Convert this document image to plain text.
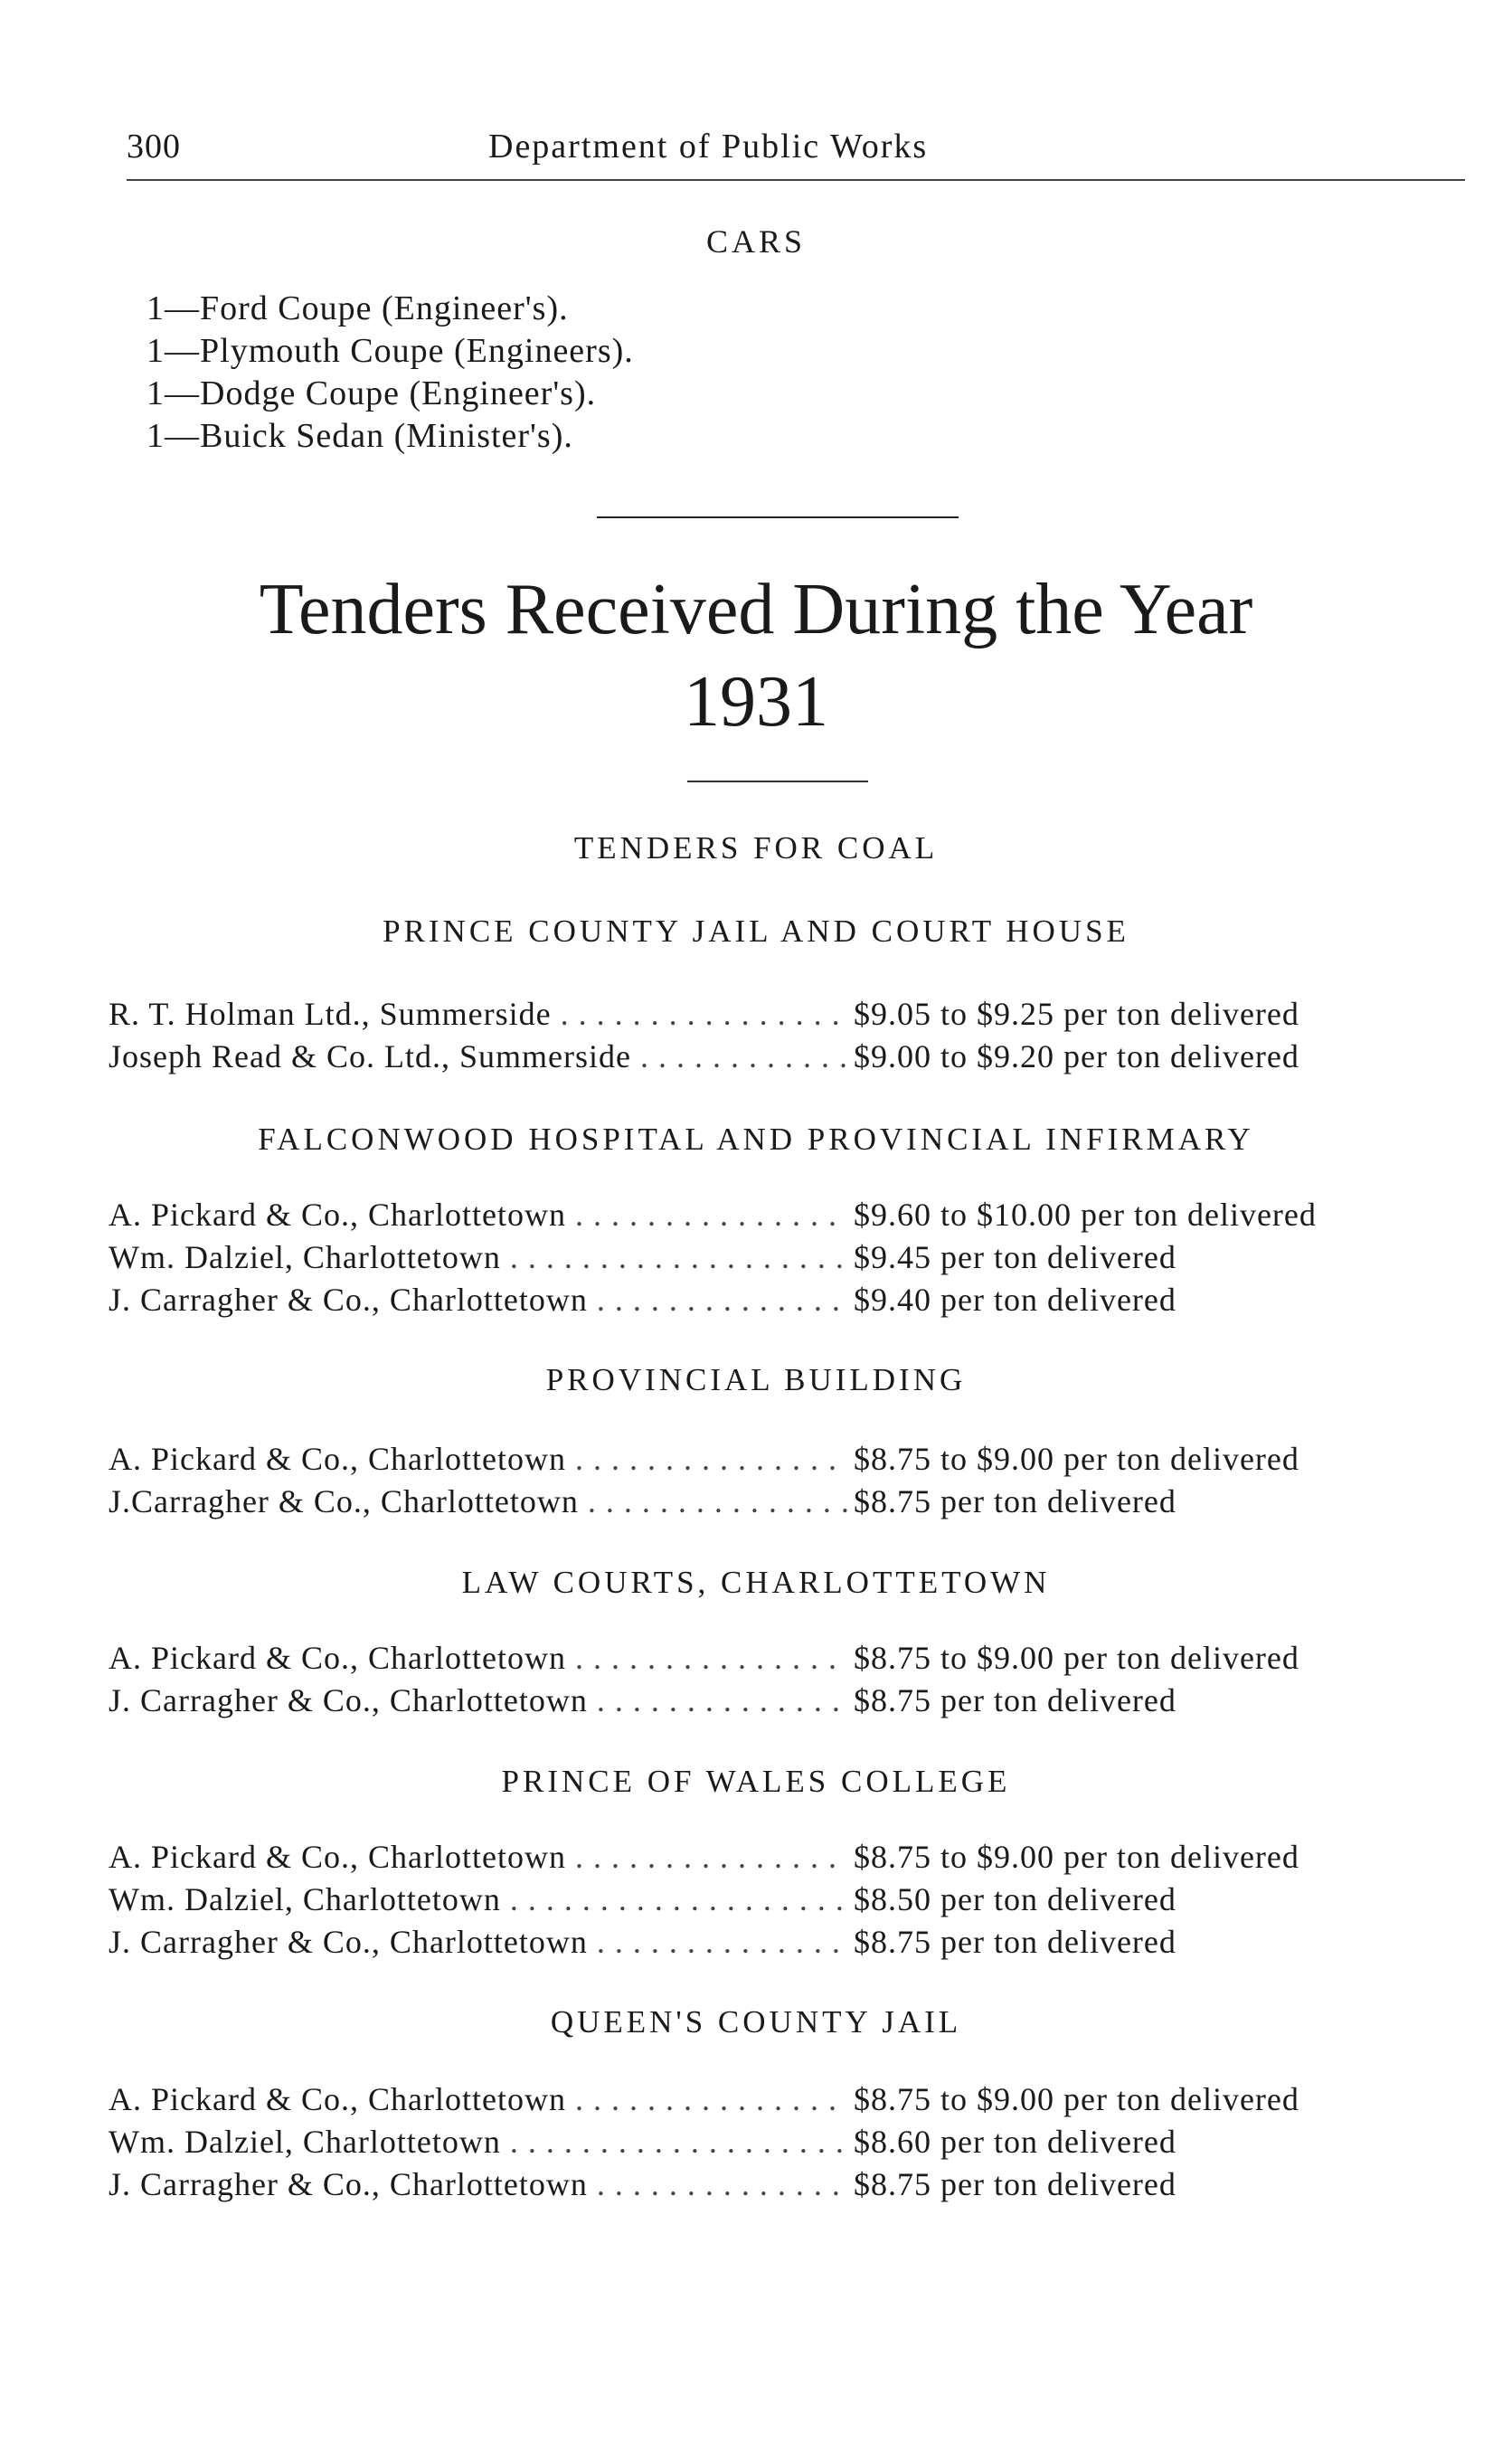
300	Department of Public Works
CARS
1—Ford Coupe (Engineer's).
1—Plymouth Coupe (Engineers).
1—Dodge Coupe (Engineer's).
1—Buick Sedan (Minister's).
Tenders Received During the Year
1931
TENDERS FOR COAL
PRINCE COUNTY JAIL AND COURT HOUSE
R. T. Holman Ltd., Summerside . . .	$9.05 to $9.25 per ton delivered
Joseph Read & Co. Ltd., Summerside . . .	$9.00 to $9.20 per ton delivered
FALCONWOOD HOSPITAL AND PROVINCIAL INFIRMARY
A. Pickard & Co., Charlottetown . . .	$9.60 to $10.00 per ton delivered
Wm. Dalziel, Charlottetown . . .	$9.45 per ton delivered
J. Carragher & Co., Charlottetown . . .	$9.40 per ton delivered
PROVINCIAL BUILDING
A. Pickard & Co., Charlottetown . . .	$8.75 to $9.00 per ton delivered
J.Carragher & Co., Charlottetown . . .	$8.75 per ton delivered
LAW COURTS, CHARLOTTETOWN
A. Pickard & Co., Charlottetown . . .	$8.75 to $9.00 per ton delivered
J. Carragher & Co., Charlottetown . . .	$8.75 per ton delivered
PRINCE OF WALES COLLEGE
A. Pickard & Co., Charlottetown . . .	$8.75 to $9.00 per ton delivered
Wm. Dalziel, Charlottetown . . .	$8.50 per ton delivered
J. Carragher & Co., Charlottetown . . .	$8.75 per ton delivered
QUEEN'S COUNTY JAIL
A. Pickard & Co., Charlottetown . . .	$8.75 to $9.00 per ton delivered
Wm. Dalziel, Charlottetown . . .	$8.60 per ton delivered
J. Carragher & Co., Charlottetown . . .	$8.75 per ton delivered
